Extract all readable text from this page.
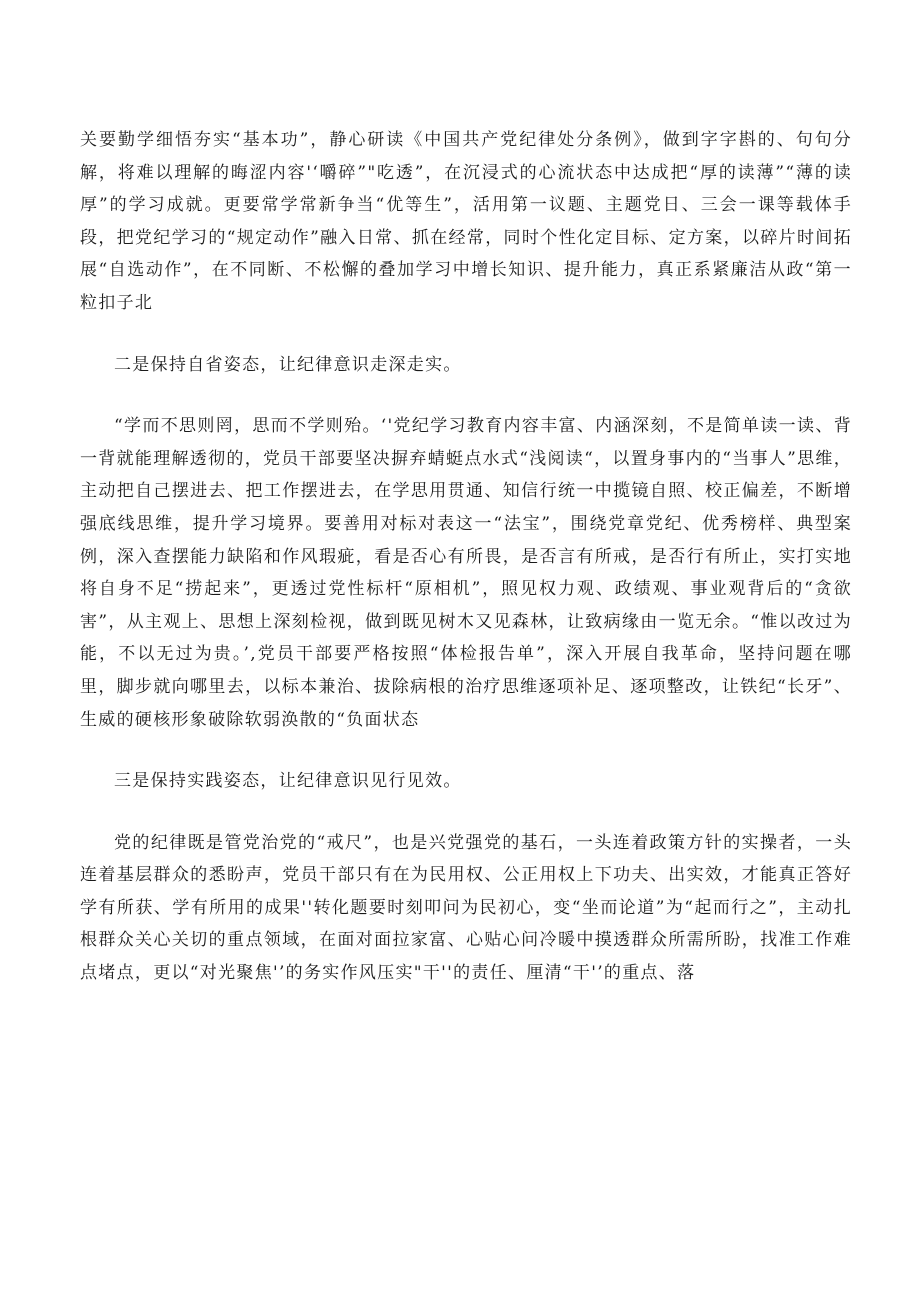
关要勤学细悟夯实“基本功”，静心研读《中国共产党纪律处分条例》，做到字字斟的、句句分解，将难以理解的晦涩内容'‘嚼碎”"吃透”，在沉浸式的心流状态中达成把“厚的读薄”“薄的读厚”的学习成就。更要常学常新争当“优等生”，活用第一议题、主题党日、三会一课等载体手段，把党纪学习的“规定动作”融入日常、抓在经常，同时个性化定目标、定方案，以碎片时间拓展“自选动作”，在不同断、不松懈的叠加学习中增长知识、提升能力，真正系紧廉洁从政“第一粒扣子北

二是保持自省姿态，让纪律意识走深走实。

“学而不思则罔，思而不学则殆。‘'党纪学习教育内容丰富、内涵深刻，不是简单读一读、背一背就能理解透彻的，党员干部要坚决摒弃蜻蜓点水式“浅阅读“，以置身事内的“当事人”思维，主动把自己摆进去、把工作摆进去，在学思用贯通、知信行统一中揽镜自照、校正偏差，不断增强底线思维，提升学习境界。要善用对标对表这一“法宝”，围绕党章党纪、优秀榜样、典型案例，深入查摆能力缺陷和作风瑕疵，看是否心有所畏，是否言有所戒，是否行有所止，实打实地将自身不足“捞起来”，更透过党性标杆“原相机”，照见权力观、政绩观、事业观背后的“贪欲害”，从主观上、思想上深刻检视，做到既见树木又见森林，让致病缘由一览无余。“惟以改过为能，不以无过为贵。’,党员干部要严格按照“体检报告单”，深入开展自我革命，坚持问题在哪里，脚步就向哪里去，以标本兼治、拔除病根的治疗思维逐项补足、逐项整改，让铁纪“长牙”、生威的硬核形象破除软弱涣散的“负面状态

三是保持实践姿态，让纪律意识见行见效。

党的纪律既是管党治党的“戒尺”，也是兴党强党的基石，一头连着政策方针的实操者，一头连着基层群众的悉盼声，党员干部只有在为民用权、公正用权上下功夫、出实效，才能真正答好学有所获、学有所用的成果''转化题要时刻叩问为民初心，变“坐而论道”为“起而行之”，主动扎根群众关心关切的重点领域，在面对面拉家富、心贴心问冷暖中摸透群众所需所盼，找准工作难点堵点，更以“对光聚焦'’的务实作风压实"干''的责任、厘清“干'’的重点、落
